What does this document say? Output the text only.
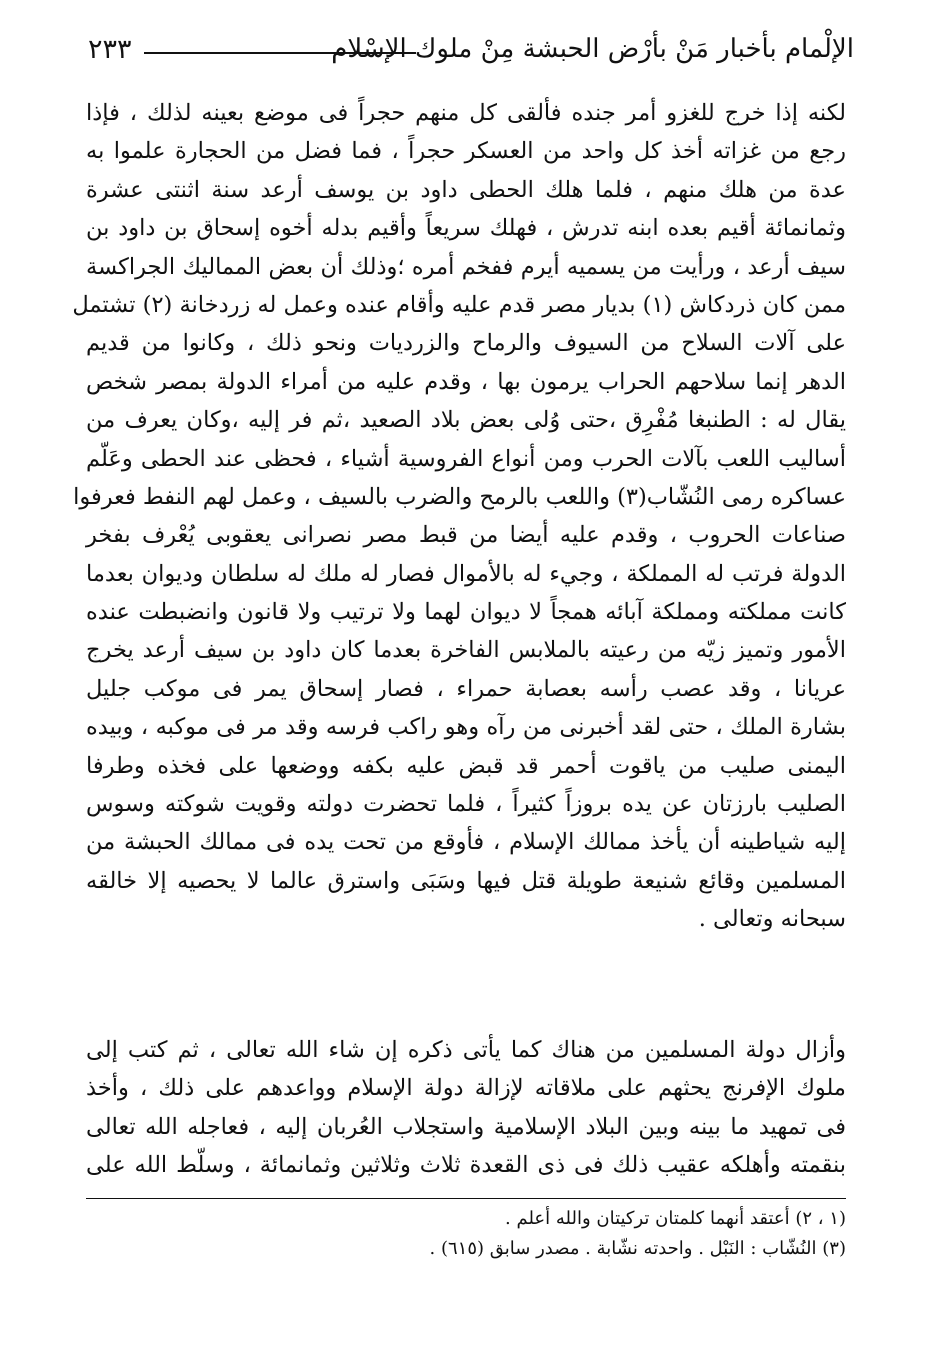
٢٣٣	الإلْمام بأخبار مَنْ بأرْض الحبشة مِنْ ملوك الإسْلام
لكنه إذا خرج للغزو أمر جنده فألقى كل منهم حجراً فى موضع بعينه لذلك ، فإذا
رجع من غزاته أخذ كل واحد من العسكر حجراً ، فما فضل من الحجارة علموا به
عدة من هلك منهم ، فلما هلك الحطى داود بن يوسف أرعد سنة اثنتى عشرة
وثمانمائة أقيم بعده ابنه تدرش ، فهلك سريعاً وأقيم بدله أخوه إسحاق بن داود بن
سيف أرعد ، ورأيت من يسميه أيرم ففخم أمره ؛وذلك أن بعض المماليك الجراكسة
ممن كان ذردكاش (١) بديار مصر قدم عليه وأقام عنده وعمل له زردخانة (٢) تشتمل
على آلات السلاح من السيوف والرماح والزرديات ونحو ذلك ، وكانوا من قديم
الدهر إنما سلاحهم الحراب يرمون بها ، وقدم عليه من أمراء الدولة بمصر شخص
يقال له : الطنبغا مُفْرِق ،حتى وُلى بعض بلاد الصعيد ،ثم فر إليه ،وكان يعرف من
أساليب اللعب بآلات الحرب ومن أنواع الفروسية أشياء ، فحظى عند الحطى وعَلّم
عساكره رمى النُشّاب(٣) واللعب بالرمح والضرب بالسيف ، وعمل لهم النفط فعرفوا
صناعات الحروب ، وقدم عليه أيضا من قبط مصر نصرانى يعقوبى يُعْرف بفخر
الدولة فرتب له المملكة ، وجيء له بالأموال فصار له ملك له سلطان وديوان بعدما
كانت مملكته ومملكة آبائه همجاً لا ديوان لهما ولا ترتيب ولا قانون وانضبطت عنده
الأمور وتميز زيّه من رعيته بالملابس الفاخرة بعدما كان داود بن سيف أرعد يخرج
عريانا ، وقد عصب رأسه بعصابة حمراء ، فصار إسحاق يمر فى موكب جليل
بشارة الملك ، حتى لقد أخبرنى من رآه وهو راكب فرسه وقد مر فى موكبه ، وبيده
اليمنى صليب من ياقوت أحمر قد قبض عليه بكفه ووضعها على فخذه وطرفا
الصليب بارزتان عن يده بروزاً كثيراً ، فلما تحضرت دولته وقويت شوكته وسوس
إليه شياطينه أن يأخذ ممالك الإسلام ، فأوقع من تحت يده فى ممالك الحبشة من
المسلمين وقائع شنيعة طويلة قتل فيها وسَبَى واسترق عالما لا يحصيه إلا خالقه
سبحانه وتعالى .
وأزال دولة المسلمين من هناك كما يأتى ذكره إن شاء الله تعالى ، ثم كتب إلى
ملوك الإفرنج يحثهم على ملاقاته لإزالة دولة الإسلام وواعدهم على ذلك ، وأخذ
فى تمهيد ما بينه وبين البلاد الإسلامية واستجلاب العُربان إليه ، فعاجله الله تعالى
بنقمته وأهلكه عقيب ذلك فى ذى القعدة ثلاث وثلاثين وثمانمائة ، وسلّط الله على
(١ ، ٢) أعتقد أنهما كلمتان تركيتان والله أعلم .
(٣) النُشّاب : النَبْل . واحدته نشّابة . مصدر سابق (٦١٥) .
